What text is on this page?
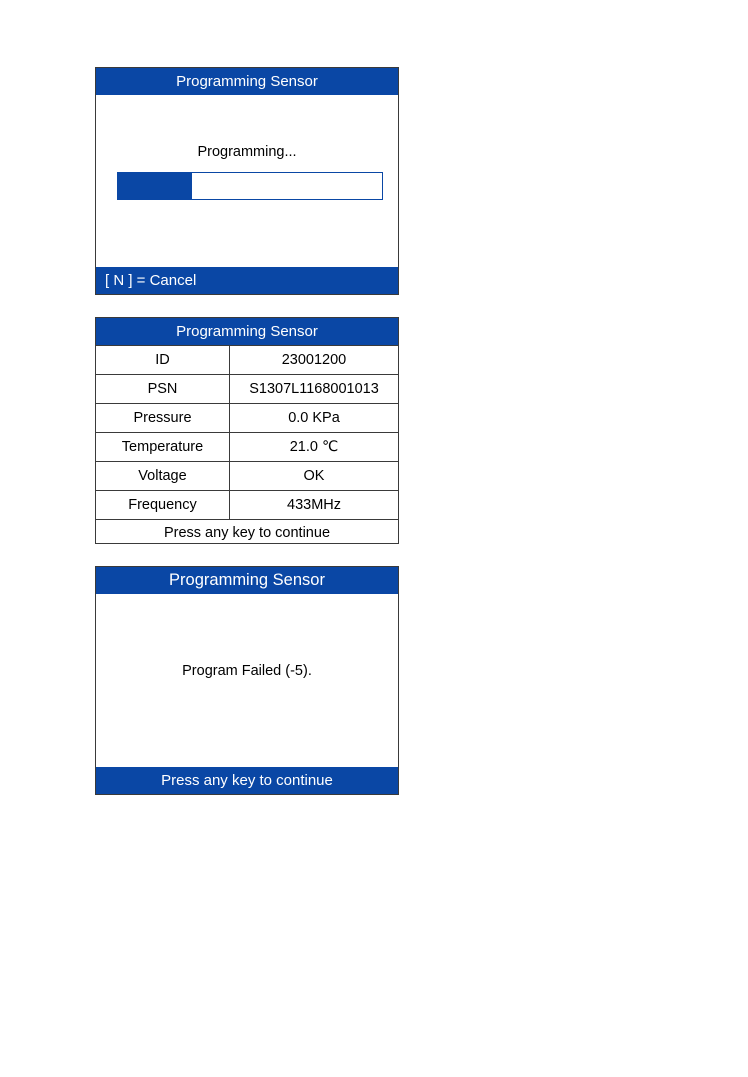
Programming Sensor
Programming...
[ N ] = Cancel
Programming Sensor
ID	23001200
PSN	S1307L1168001013
Pressure	0.0 KPa
Temperature	21.0 ℃
Voltage	OK
Frequency	433MHz
Press any key to continue
Programming Sensor
Program Failed (-5).
Press any key to continue
